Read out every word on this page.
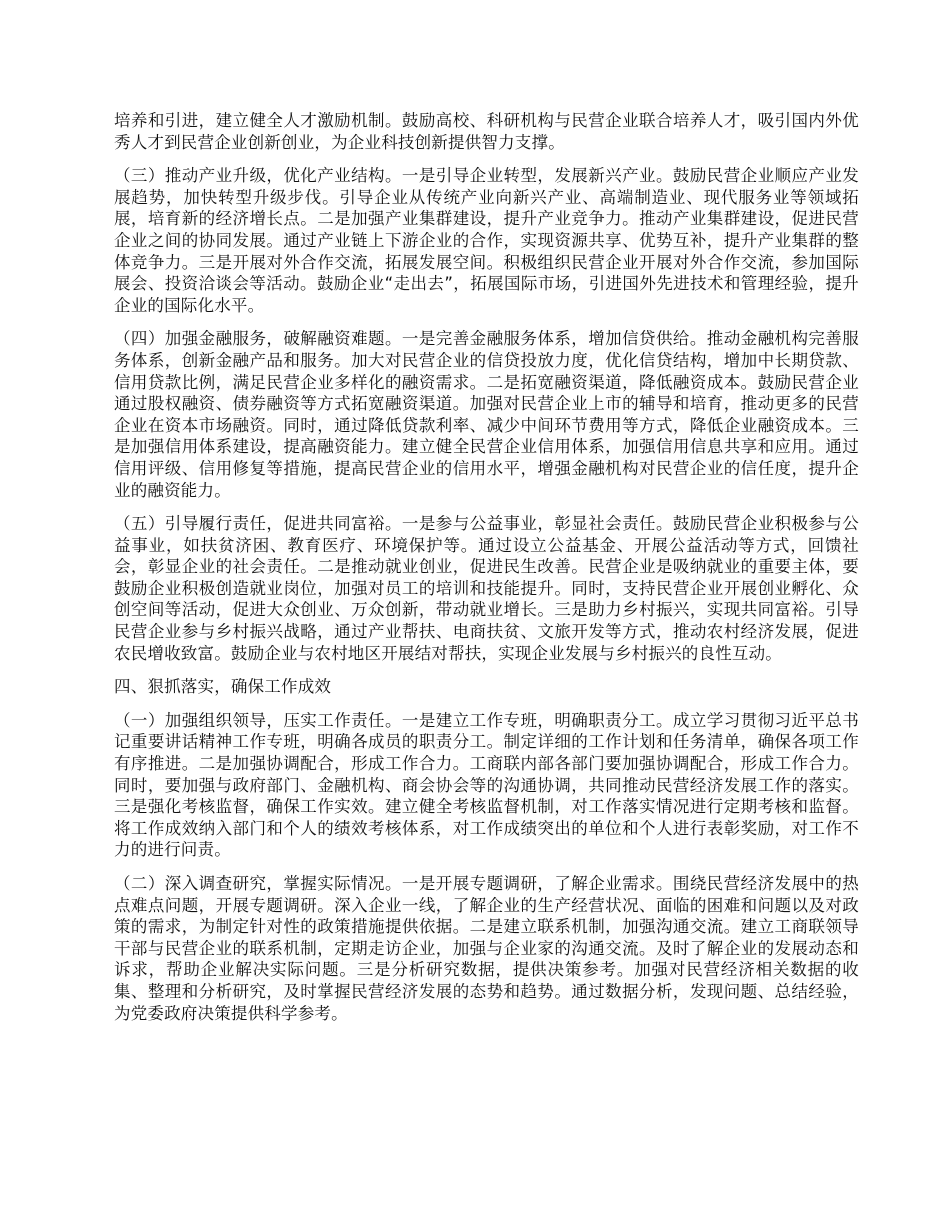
培养和引进，建立健全人才激励机制。鼓励高校、科研机构与民营企业联合培养人才，吸引国内外优秀人才到民营企业创新创业，为企业科技创新提供智力支撑。

（三）推动产业升级，优化产业结构。一是引导企业转型，发展新兴产业。鼓励民营企业顺应产业发展趋势，加快转型升级步伐。引导企业从传统产业向新兴产业、高端制造业、现代服务业等领域拓展，培育新的经济增长点。二是加强产业集群建设，提升产业竞争力。推动产业集群建设，促进民营企业之间的协同发展。通过产业链上下游企业的合作，实现资源共享、优势互补，提升产业集群的整体竞争力。三是开展对外合作交流，拓展发展空间。积极组织民营企业开展对外合作交流，参加国际展会、投资洽谈会等活动。鼓励企业“走出去”，拓展国际市场，引进国外先进技术和管理经验，提升企业的国际化水平。

（四）加强金融服务，破解融资难题。一是完善金融服务体系，增加信贷供给。推动金融机构完善服务体系，创新金融产品和服务。加大对民营企业的信贷投放力度，优化信贷结构，增加中长期贷款、信用贷款比例，满足民营企业多样化的融资需求。二是拓宽融资渠道，降低融资成本。鼓励民营企业通过股权融资、债券融资等方式拓宽融资渠道。加强对民营企业上市的辅导和培育，推动更多的民营企业在资本市场融资。同时，通过降低贷款利率、减少中间环节费用等方式，降低企业融资成本。三是加强信用体系建设，提高融资能力。建立健全民营企业信用体系，加强信用信息共享和应用。通过信用评级、信用修复等措施，提高民营企业的信用水平，增强金融机构对民营企业的信任度，提升企业的融资能力。

（五）引导履行责任，促进共同富裕。一是参与公益事业，彰显社会责任。鼓励民营企业积极参与公益事业，如扶贫济困、教育医疗、环境保护等。通过设立公益基金、开展公益活动等方式，回馈社会，彰显企业的社会责任。二是推动就业创业，促进民生改善。民营企业是吸纳就业的重要主体，要鼓励企业积极创造就业岗位，加强对员工的培训和技能提升。同时，支持民营企业开展创业孵化、众创空间等活动，促进大众创业、万众创新，带动就业增长。三是助力乡村振兴，实现共同富裕。引导民营企业参与乡村振兴战略，通过产业帮扶、电商扶贫、文旅开发等方式，推动农村经济发展，促进农民增收致富。鼓励企业与农村地区开展结对帮扶，实现企业发展与乡村振兴的良性互动。

四、狠抓落实，确保工作成效

（一）加强组织领导，压实工作责任。一是建立工作专班，明确职责分工。成立学习贯彻习近平总书记重要讲话精神工作专班，明确各成员的职责分工。制定详细的工作计划和任务清单，确保各项工作有序推进。二是加强协调配合，形成工作合力。工商联内部各部门要加强协调配合，形成工作合力。同时，要加强与政府部门、金融机构、商会协会等的沟通协调，共同推动民营经济发展工作的落实。三是强化考核监督，确保工作实效。建立健全考核监督机制，对工作落实情况进行定期考核和监督。将工作成效纳入部门和个人的绩效考核体系，对工作成绩突出的单位和个人进行表彰奖励，对工作不力的进行问责。

（二）深入调查研究，掌握实际情况。一是开展专题调研，了解企业需求。围绕民营经济发展中的热点难点问题，开展专题调研。深入企业一线，了解企业的生产经营状况、面临的困难和问题以及对政策的需求，为制定针对性的政策措施提供依据。二是建立联系机制，加强沟通交流。建立工商联领导干部与民营企业的联系机制，定期走访企业，加强与企业家的沟通交流。及时了解企业的发展动态和诉求，帮助企业解决实际问题。三是分析研究数据，提供决策参考。加强对民营经济相关数据的收集、整理和分析研究，及时掌握民营经济发展的态势和趋势。通过数据分析，发现问题、总结经验，为党委政府决策提供科学参考。
